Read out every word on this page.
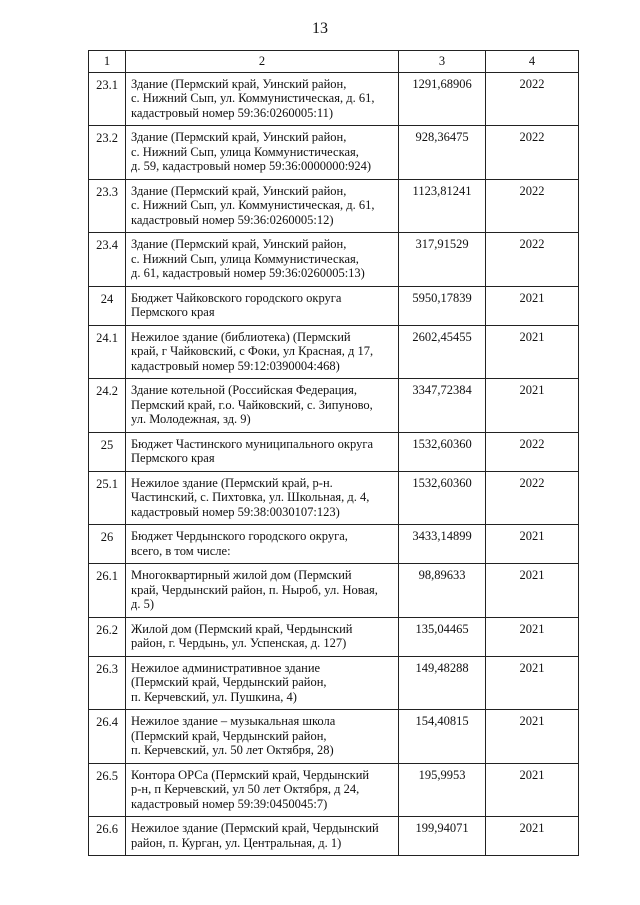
13
1	2	3	4
23.1	Здание (Пермский край, Уинский район,
с. Нижний Сып, ул. Коммунистическая, д. 61,
кадастровый номер 59:36:0260005:11)	1291,68906	2022
23.2	Здание (Пермский край, Уинский район,
с. Нижний Сып, улица Коммунистическая,
д. 59, кадастровый номер 59:36:0000000:924)	928,36475	2022
23.3	Здание (Пермский край, Уинский район,
с. Нижний Сып, ул. Коммунистическая, д. 61,
кадастровый номер 59:36:0260005:12)	1123,81241	2022
23.4	Здание (Пермский край, Уинский район,
с. Нижний Сып, улица Коммунистическая,
д. 61, кадастровый номер 59:36:0260005:13)	317,91529	2022
24	Бюджет Чайковского городского округа
Пермского края	5950,17839	2021
24.1	Нежилое здание (библиотека) (Пермский
край, г Чайковский, с Фоки, ул Красная, д 17,
кадастровый номер 59:12:0390004:468)	2602,45455	2021
24.2	Здание котельной (Российская Федерация,
Пермский край, г.о. Чайковский, с. Зипуново,
ул. Молодежная, зд. 9)	3347,72384	2021
25	Бюджет Частинского муниципального округа
Пермского края	1532,60360	2022
25.1	Нежилое здание (Пермский край, р-н.
Частинский, с. Пихтовка, ул. Школьная, д. 4,
кадастровый номер 59:38:0030107:123)	1532,60360	2022
26	Бюджет Чердынского городского округа,
всего, в том числе:	3433,14899	2021
26.1	Многоквартирный жилой дом (Пермский
край, Чердынский район, п. Ныроб, ул. Новая,
д. 5)	98,89633	2021
26.2	Жилой дом (Пермский край, Чердынский
район, г. Чердынь, ул. Успенская, д. 127)	135,04465	2021
26.3	Нежилое административное здание
(Пермский край, Чердынский район,
п. Керчевский, ул. Пушкина, 4)	149,48288	2021
26.4	Нежилое здание – музыкальная школа
(Пермский край, Чердынский район,
п. Керчевский, ул. 50 лет Октября, 28)	154,40815	2021
26.5	Контора ОРСа (Пермский край, Чердынский
р-н, п Керчевский, ул 50 лет Октября, д 24,
кадастровый номер 59:39:0450045:7)	195,9953	2021
26.6	Нежилое здание (Пермский край, Чердынский
район, п. Курган, ул. Центральная, д. 1)	199,94071	2021
